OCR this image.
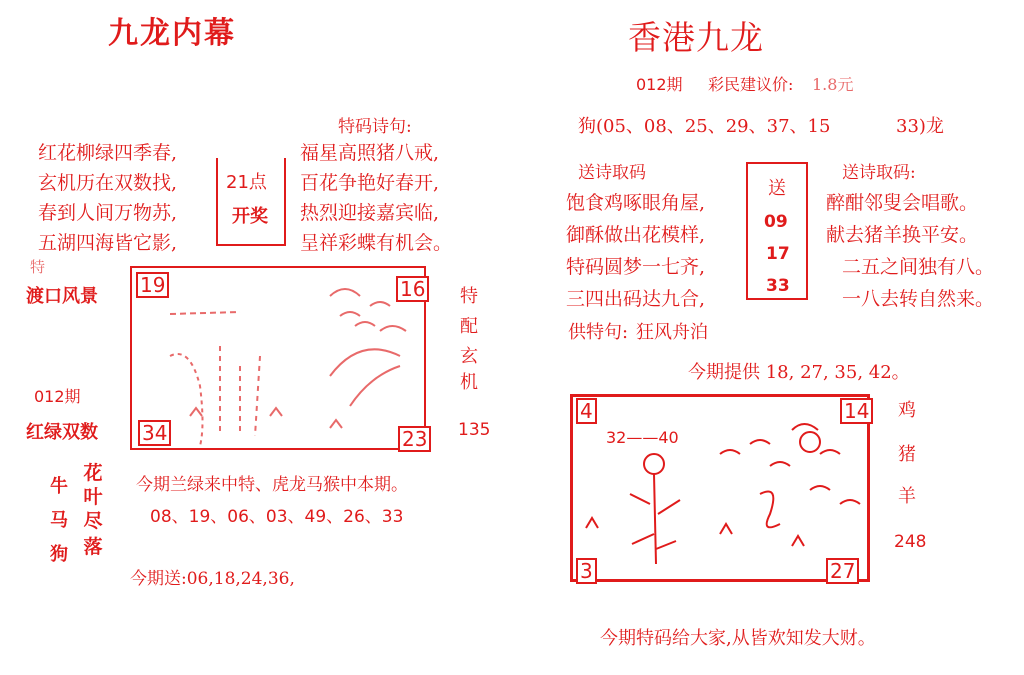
九龙内幕
特码诗句:
红花柳绿四季春,
玄机历在双数找,
春到人间万物苏,
五湖四海皆它影,
21点
开奖
福星高照猪八戒,
百花争艳好春开,
热烈迎接嘉宾临,
呈祥彩蝶有机会。
特
渡口风景
012期
红绿双数
19	16
34	23
特
配
玄
机
135
牛
马
狗
花
叶
尽
落
今期兰绿来中特、虎龙马猴中本期。
08、19、06、03、49、26、33
今期送:06,18,24,36,
香港九龙
012期 彩民建议价: 1.8元
狗(05、08、25、29、37、15	33)龙
送诗取码	送诗取码:
饱食鸡啄眼角屋,
御酥做出花模样,
特码圆梦一七齐,
三四出码达九合,
送
09
17
33
醉酣邻叟会唱歌。
献去猪羊换平安。
二五之间独有八。
一八去转自然来。
供特句: 狂风舟泊
今期提供 18, 27, 35, 42。
4	14
3	27
32——40
鸡
猪
羊
248
今期特码给大家,从皆欢知发大财。
